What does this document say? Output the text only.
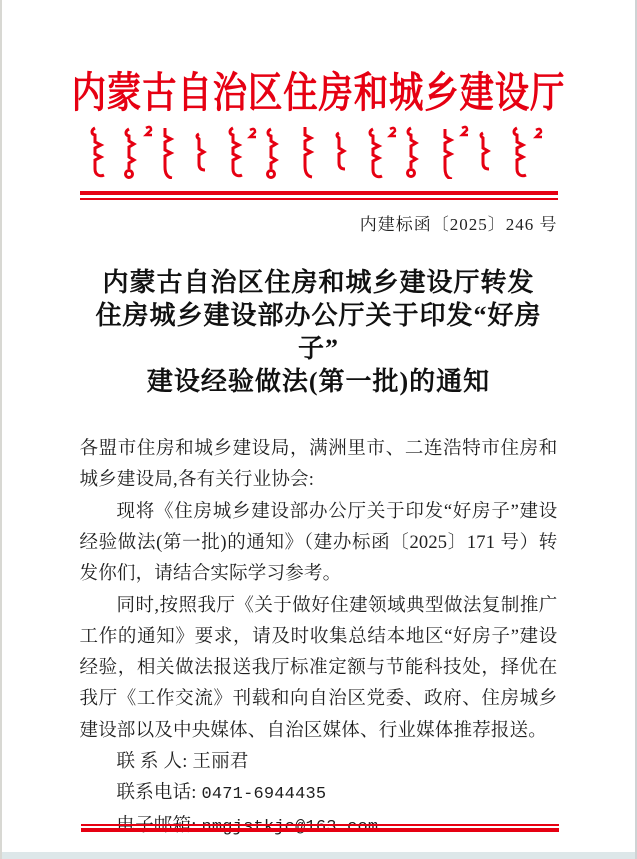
内蒙古自治区住房和城乡建设厅
内建标函〔2025〕246 号
内蒙古自治区住房和城乡建设厅转发
住房城乡建设部办公厅关于印发“好房子”
建设经验做法(第一批)的通知

各盟市住房和城乡建设局，满洲里市、二连浩特市住房和城乡建设局,各有关行业协会:

现将《住房城乡建设部办公厅关于印发“好房子”建设经验做法(第一批)的通知》（建办标函〔2025〕171 号）转发你们，请结合实际学习参考。

同时,按照我厅《关于做好住建领域典型做法复制推广工作的通知》要求，请及时收集总结本地区“好房子”建设经验，相关做法报送我厅标准定额与节能科技处，择优在我厅《工作交流》刊载和向自治区党委、政府、住房城乡建设部以及中央媒体、自治区媒体、行业媒体推荐报送。

联 系 人: 王丽君

联系电话: 0471-6944435
